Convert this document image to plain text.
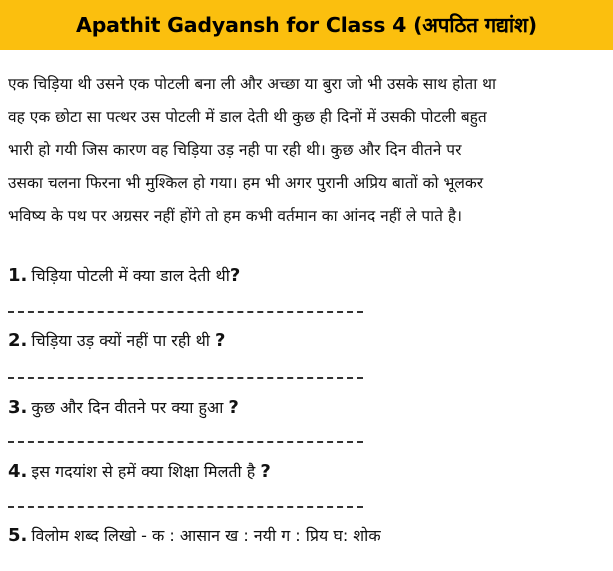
Apathit Gadyansh for Class 4 (अपठित गद्यांश)
एक चिड़िया थी उसने एक पोटली बना ली और अच्छा या बुरा जो भी उसके साथ होता था
वह एक छोटा सा पत्थर उस पोटली में डाल देती थी कुछ ही दिनों में उसकी पोटली बहुत
भारी हो गयी जिस कारण वह चिड़िया उड़ नही पा रही थी। कुछ और दिन वीतने पर
उसका चलना फिरना भी मुश्किल हो गया। हम भी अगर पुरानी अप्रिय बातों को भूलकर
भविष्य के पथ पर अग्रसर नहीं होंगे तो हम कभी वर्तमान का आंनद नहीं ले पाते है।
1. चिड़िया पोटली में क्या डाल देती थी?
2. चिड़िया उड़ क्यों नहीं पा रही थी ?
3. कुछ और दिन वीतने पर क्या हुआ ?
4. इस गदयांश से हमें क्या शिक्षा मिलती है ?
5. विलोम शब्द लिखो - क : आसान ख : नयी ग : प्रिय घ: शोक
